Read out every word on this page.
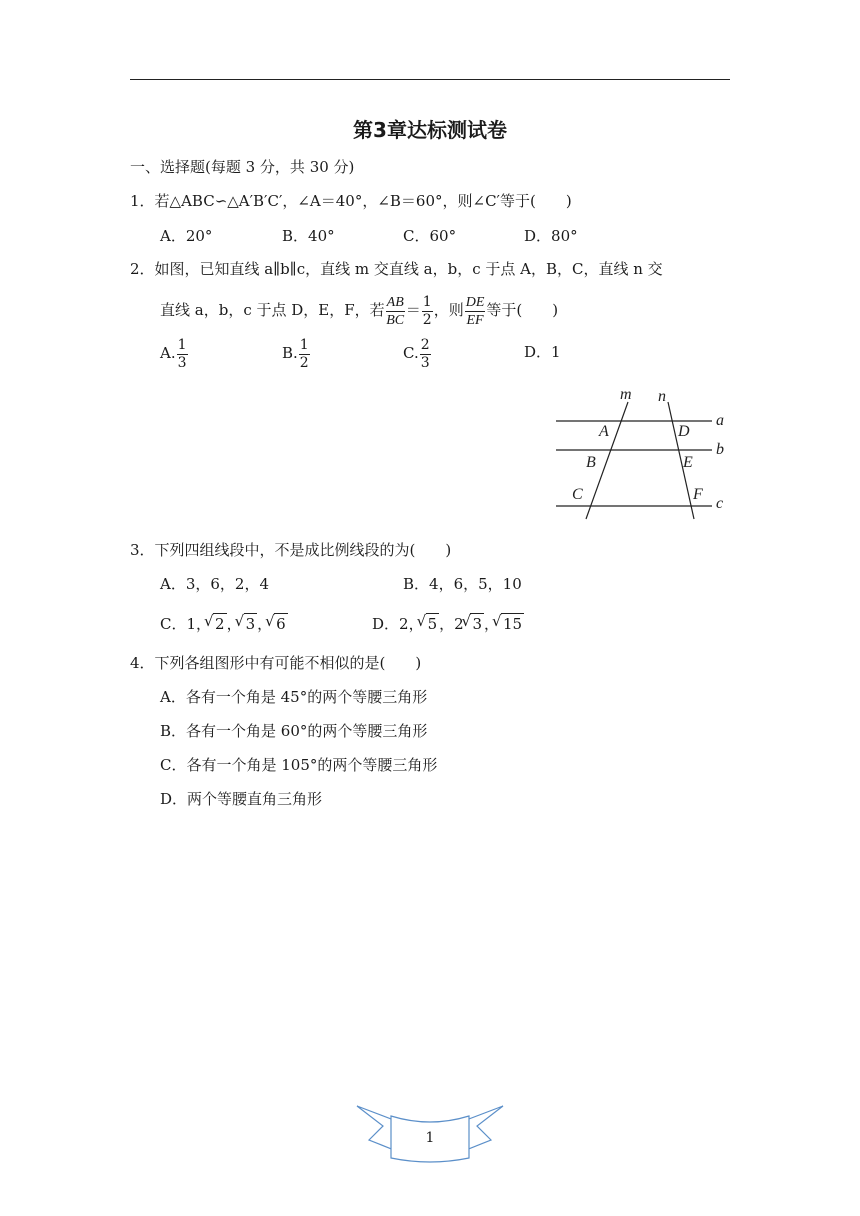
第3章达标测试卷
一、选择题(每题 3 分，共 30 分)
1．若△ABC∽△A′B′C′，∠A＝40°，∠B＝60°，则∠C′等于(　　)
A．20°	B．40°	C．60°	D．80°
2．如图，已知直线 a∥b∥c，直线 m 交直线 a，b，c 于点 A，B，C，直线 n 交
直线 a，b，c 于点 D，E，F，若 $\frac{AB}{BC} = \frac{1}{2}$ ，则 $\frac{DE}{EF}$ 等于(　　)
A. $\frac{1}{3}$	B. $\frac{1}{2}$	C. $\frac{2}{3}$	D．1
m n
a
b
c
A	D
B	E
C	F
3．下列四组线段中，不是成比例线段的为(　　)
A．3，6，2，4	B．4，6，5，10
C．1， √ 2 ， √ 3 ， √ 6	D．2， √ 5 ，2 √ 3 ， √ 15
4．下列各组图形中有可能不相似的是(　　)
A．各有一个角是 45°的两个等腰三角形
B．各有一个角是 60°的两个等腰三角形
C．各有一个角是 105°的两个等腰三角形
D．两个等腰直角三角形
1
